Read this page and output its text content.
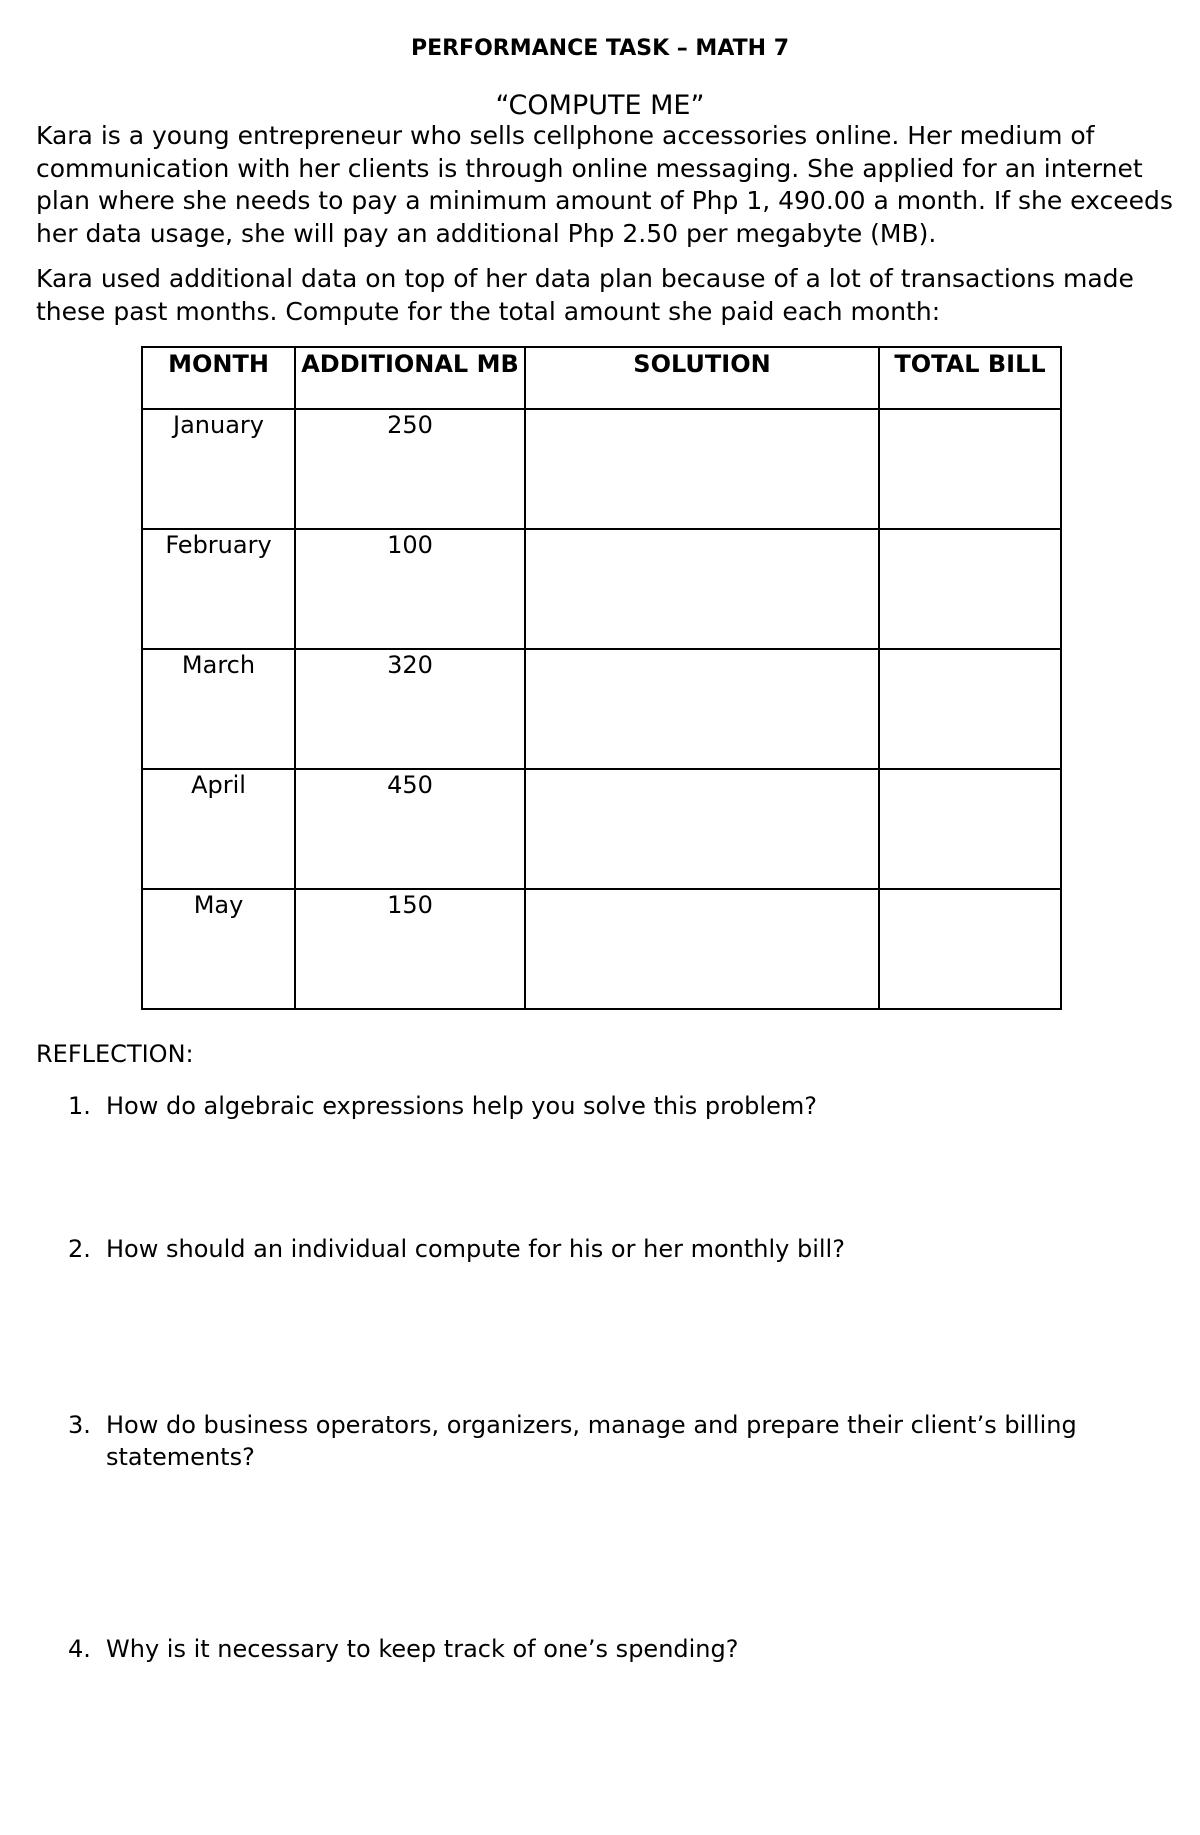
PERFORMANCE TASK – MATH 7
“COMPUTE ME”

Kara is a young entrepreneur who sells cellphone accessories online. Her medium of communication with her clients is through online messaging. She applied for an internet plan where she needs to pay a minimum amount of Php 1, 490.00 a month. If she exceeds her data usage, she will pay an additional Php 2.50 per megabyte (MB).

Kara used additional data on top of her data plan because of a lot of transactions made these past months. Compute for the total amount she paid each month:

MONTH	ADDITIONAL MB	SOLUTION	TOTAL BILL
January	250		
February	100		
March	320		
April	450		
May	150		
REFLECTION:
1. How do algebraic expressions help you solve this problem?
2. How should an individual compute for his or her monthly bill?
3. How do business operators, organizers, manage and prepare their client’s billing statements?
4. Why is it necessary to keep track of one’s spending?
